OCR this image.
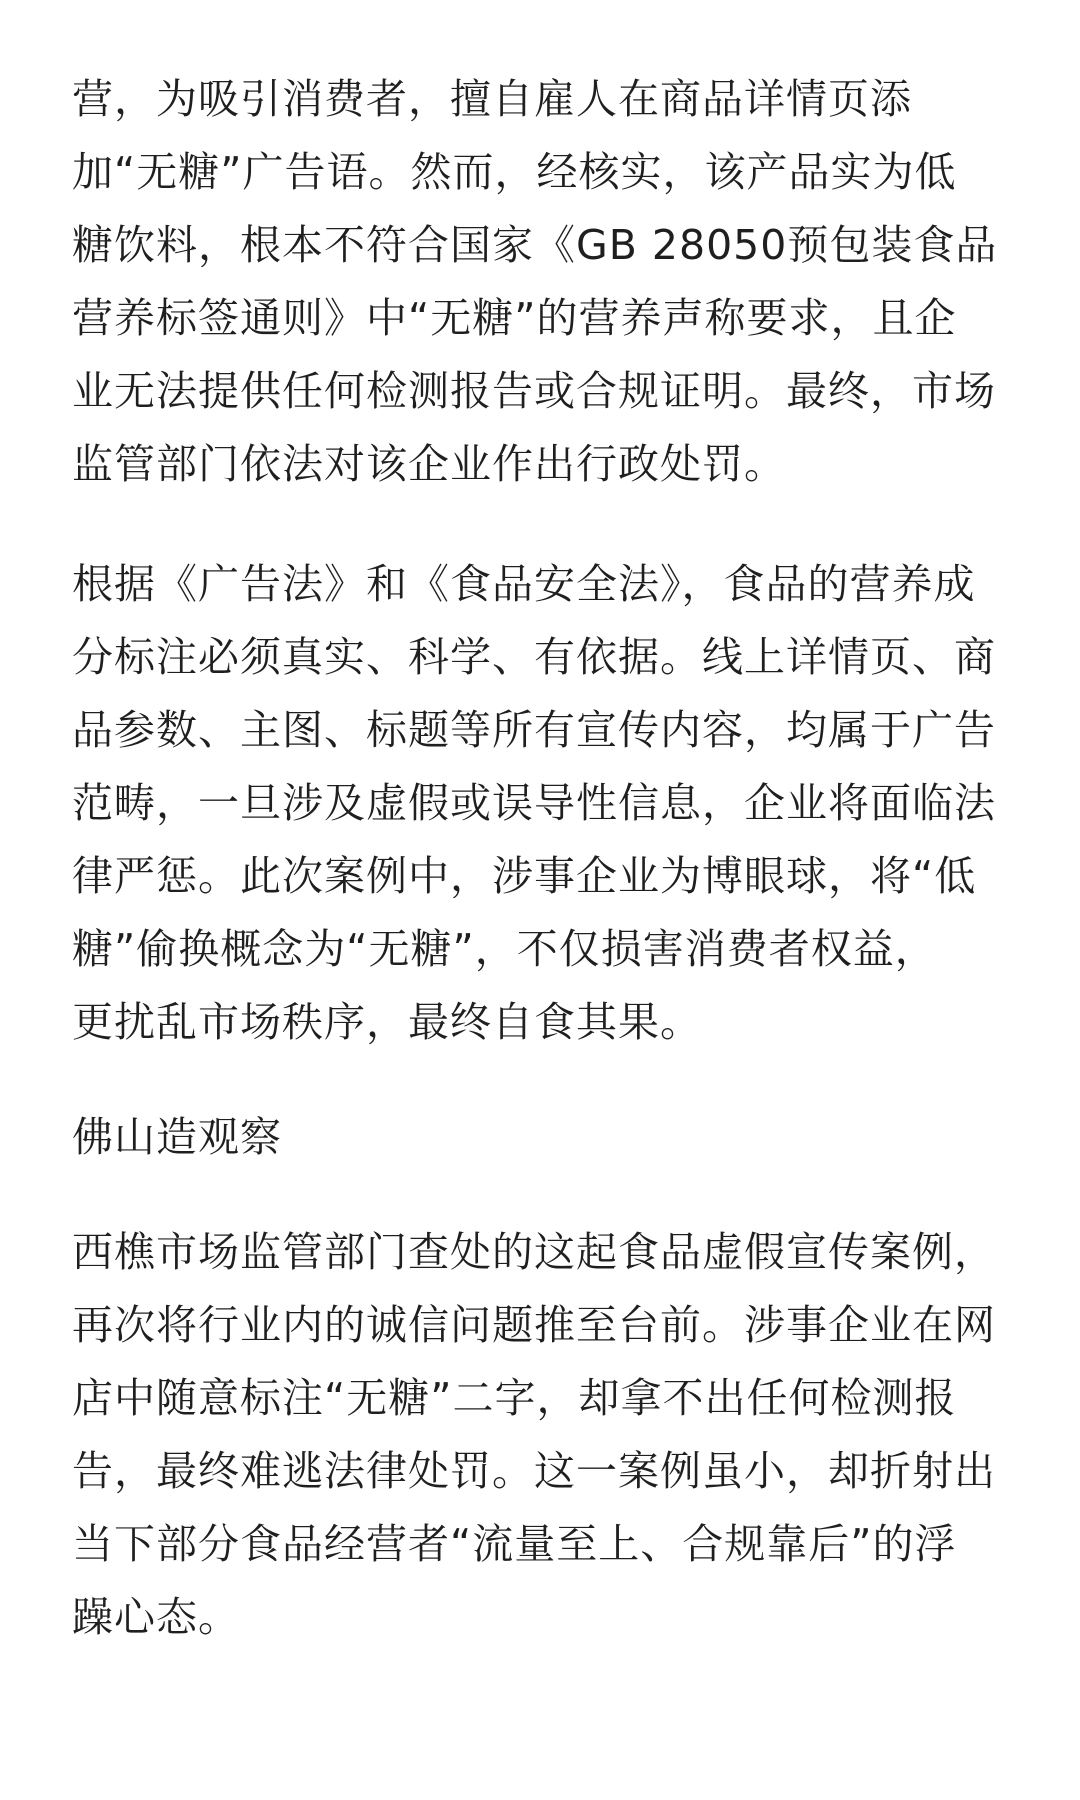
营，为吸引消费者，擅自雇人在商品详情页添
加“无糖”广告语。然而，经核实，该产品实为低
糖饮料，根本不符合国家《GB 28050预包装食品
营养标签通则》中“无糖”的营养声称要求，且企
业无法提供任何检测报告或合规证明。最终，市场
监管部门依法对该企业作出行政处罚。

根据《广告法》和《食品安全法》，食品的营养成
分标注必须真实、科学、有依据。线上详情页、商
品参数、主图、标题等所有宣传内容，均属于广告
范畴，一旦涉及虚假或误导性信息，企业将面临法
律严惩。此次案例中，涉事企业为博眼球，将“低
糖”偷换概念为“无糖”，不仅损害消费者权益，
更扰乱市场秩序，最终自食其果。

佛山造观察

西樵市场监管部门查处的这起食品虚假宣传案例，
再次将行业内的诚信问题推至台前。涉事企业在网
店中随意标注“无糖”二字，却拿不出任何检测报
告，最终难逃法律处罚。这一案例虽小，却折射出
当下部分食品经营者“流量至上、合规靠后”的浮
躁心态。
